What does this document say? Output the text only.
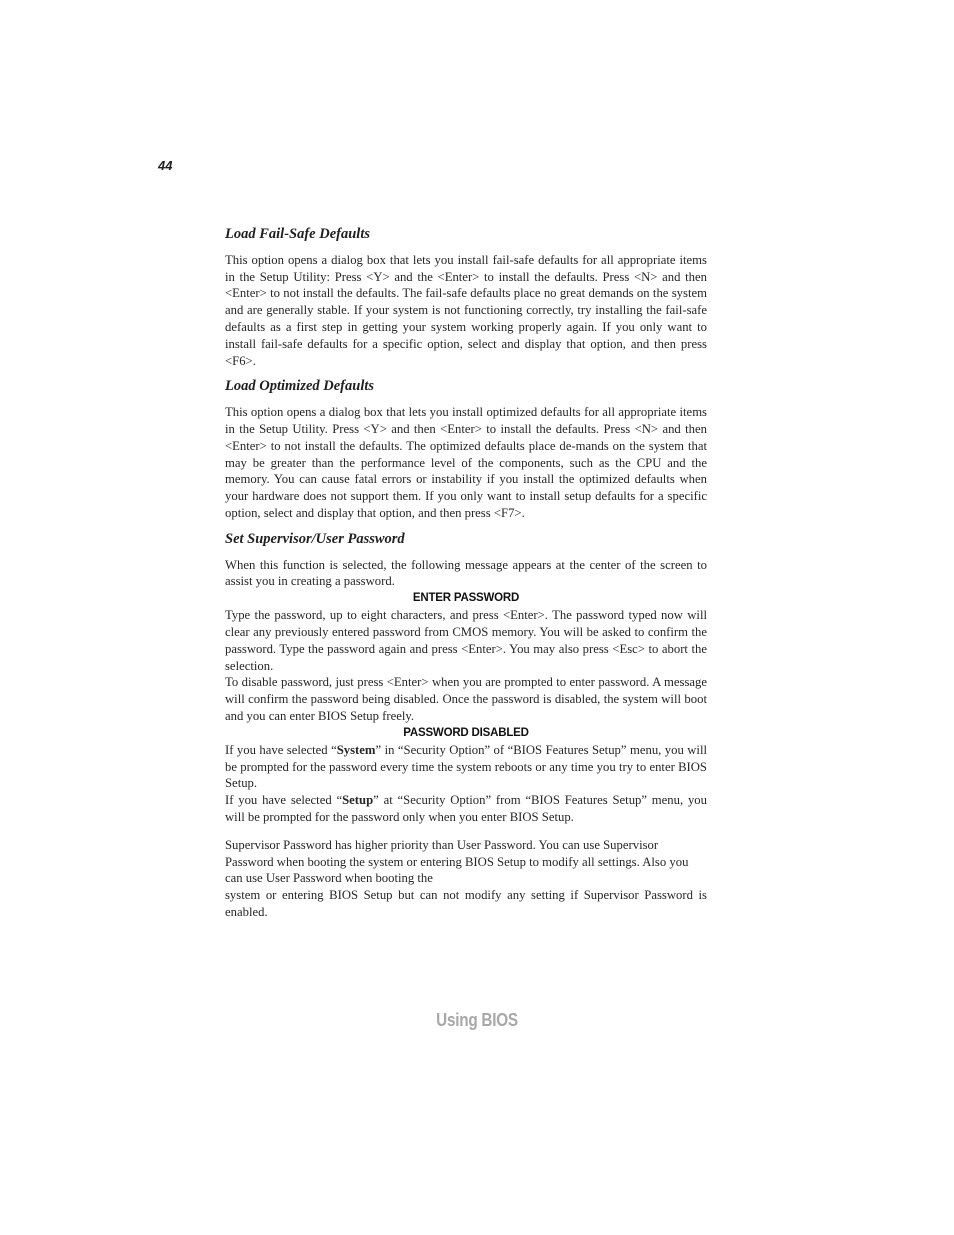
44
Load Fail-Safe Defaults

This option opens a dialog box that lets you install fail-safe defaults for all appropriate items in the Setup Utility: Press <Y> and the <Enter> to install the defaults. Press <N> and then <Enter> to not install the defaults. The fail-safe defaults place no great demands on the system and are generally stable. If your system is not functioning correctly, try installing the fail-safe defaults as a first step in getting your system working properly again. If you only want to install fail-safe defaults for a specific option, select and display that option, and then press <F6>.

Load Optimized Defaults

This option opens a dialog box that lets you install optimized defaults for all appropriate items in the Setup Utility. Press <Y> and then <Enter> to install the defaults. Press <N> and then <Enter> to not install the defaults. The optimized defaults place de-mands on the system that may be greater than the performance level of the components, such as the CPU and the memory. You can cause fatal errors or instability if you install the optimized defaults when your hardware does not support them. If you only want to install setup defaults for a specific option, select and display that option, and then press <F7>.

Set Supervisor/User Password

When this function is selected, the following message appears at the center of the screen to assist you in creating a password.

ENTER PASSWORD

Type the password, up to eight characters, and press <Enter>. The password typed now will clear any previously entered password from CMOS memory. You will be asked to confirm the password. Type the password again and press <Enter>. You may also press <Esc> to abort the selection.

To disable password, just press <Enter> when you are prompted to enter password. A message will confirm the password being disabled. Once the password is disabled, the system will boot and you can enter BIOS Setup freely.

PASSWORD DISABLED

If you have selected “System” in “Security Option” of “BIOS Features Setup” menu, you will be prompted for the password every time the system reboots or any time you try to enter BIOS Setup.

If you have selected “Setup” at “Security Option” from “BIOS Features Setup” menu, you will be prompted for the password only when you enter BIOS Setup.

Supervisor Password has higher priority than User Password. You can use Supervisor Password when booting the system or entering BIOS Setup to modify all settings. Also you can use User Password when booting the

system or entering BIOS Setup but can not modify any setting if Supervisor Password is enabled.

Using BIOS
